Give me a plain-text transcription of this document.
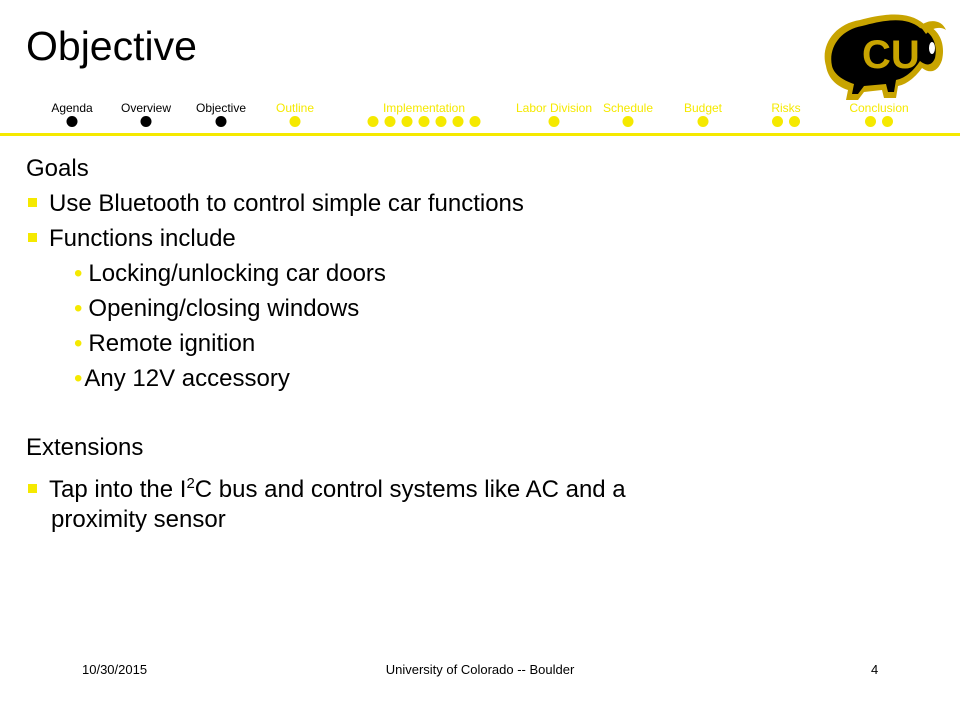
Objective	CU
Agenda Overview Objective Outline	Implementation	Labor Division Schedule	Budget	Risks	Conclusion
Goals
Use Bluetooth to control simple car functions
Functions include
• Locking/unlocking car doors
• Opening/closing windows
• Remote ignition
•Any 12V accessory
Extensions
Tap into the $I^2C$ bus and control systems like AC and a
proximity sensor
10/30/2015	University of Colorado -- Boulder	4
